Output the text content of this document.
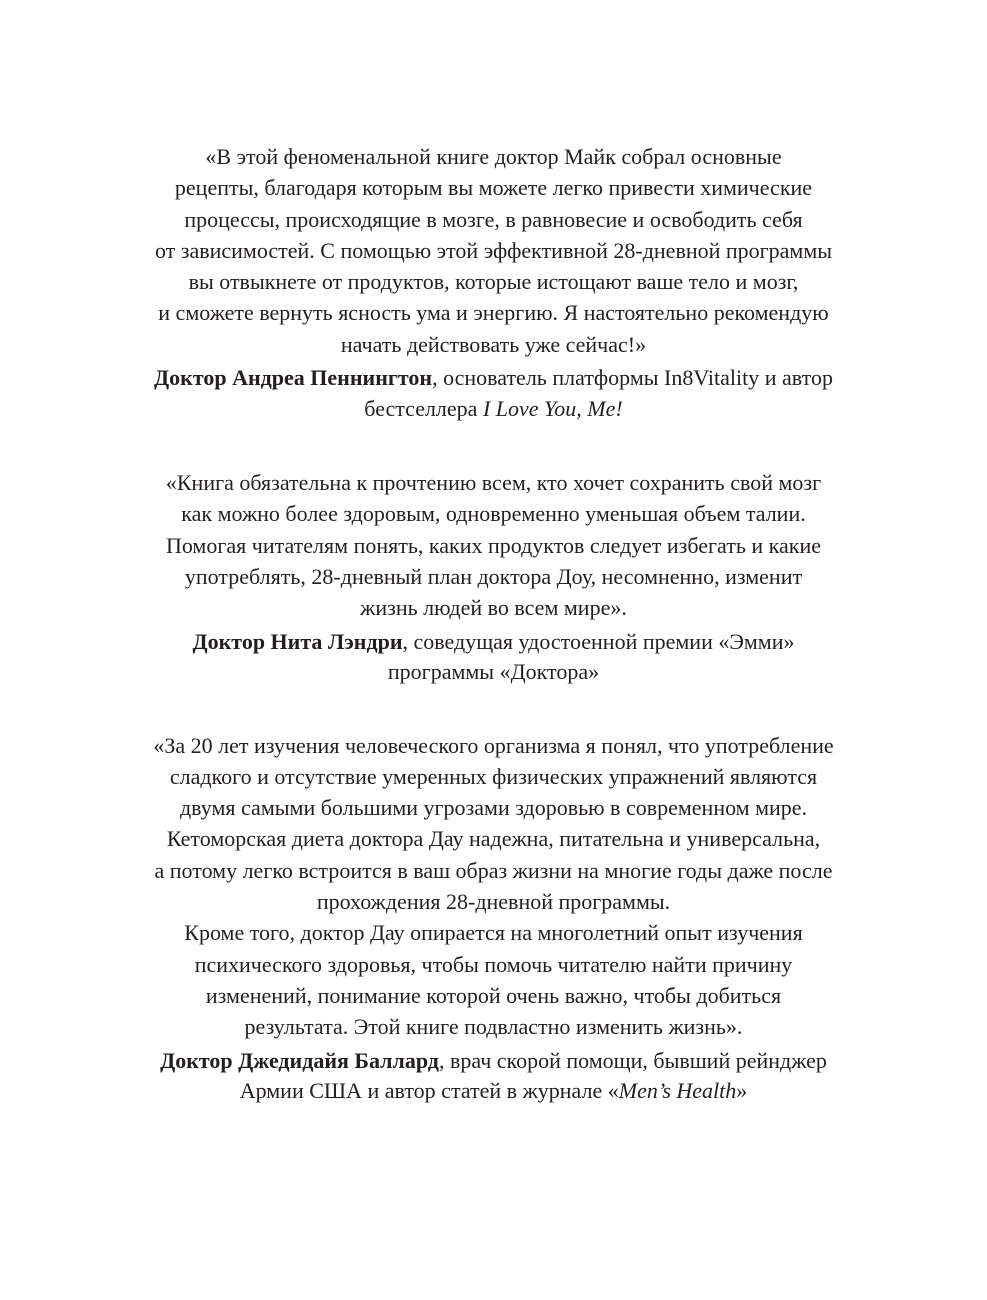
«В этой феноменальной книге доктор Майк собрал основные
рецепты, благодаря которым вы можете легко привести химические
процессы, происходящие в мозге, в равновесие и освободить себя
от зависимостей. С помощью этой эффективной 28-дневной программы
вы отвыкнете от продуктов, которые истощают ваше тело и мозг,
и сможете вернуть ясность ума и энергию. Я настоятельно рекомендую
начать действовать уже сейчас!»
Доктор Андреа Пеннингтон, основатель платформы In8Vitality и автор
бестселлера I Love You, Me!
«Книга обязательна к прочтению всем, кто хочет сохранить свой мозг
как можно более здоровым, одновременно уменьшая объем талии.
Помогая читателям понять, каких продуктов следует избегать и какие
употреблять, 28-дневный план доктора Доу, несомненно, изменит
жизнь людей во всем мире».
Доктор Нита Лэндри, соведущая удостоенной премии «Эмми»
программы «Доктора»
«За 20 лет изучения человеческого организма я понял, что употребление
сладкого и отсутствие умеренных физических упражнений являются
двумя самыми большими угрозами здоровью в современном мире.
Кетоморская диета доктора Дау надежна, питательна и универсальна,
а потому легко встроится в ваш образ жизни на многие годы даже после
прохождения 28-дневной программы.
Кроме того, доктор Дау опирается на многолетний опыт изучения
психического здоровья, чтобы помочь читателю найти причину
изменений, понимание которой очень важно, чтобы добиться
результата. Этой книге подвластно изменить жизнь».
Доктор Джедидайя Баллард, врач скорой помощи, бывший рейнджер
Армии США и автор статей в журнале «Men’s Health»
